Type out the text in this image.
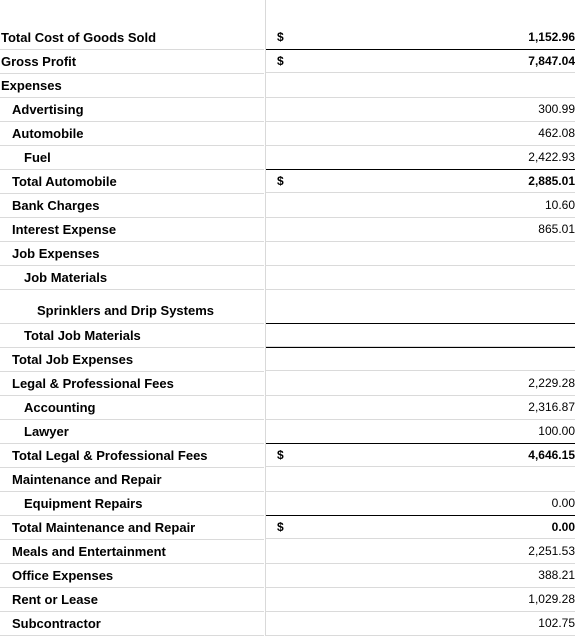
Total Cost of Goods Sold	$	1,152.96
Gross Profit	$	7,847.04
Expenses
Advertising	300.99
Automobile	462.08
Fuel	2,422.93
Total Automobile	$	2,885.01
Bank Charges	10.60
Interest Expense	865.01
Job Expenses
Job Materials
Sprinklers and Drip Systems
Total Job Materials
Total Job Expenses
Legal & Professional Fees	2,229.28
Accounting	2,316.87
Lawyer	100.00
Total Legal & Professional Fees	$	4,646.15
Maintenance and Repair
Equipment Repairs	0.00
Total Maintenance and Repair	$	0.00
Meals and Entertainment	2,251.53
Office Expenses	388.21
Rent or Lease	1,029.28
Subcontractor	102.75
